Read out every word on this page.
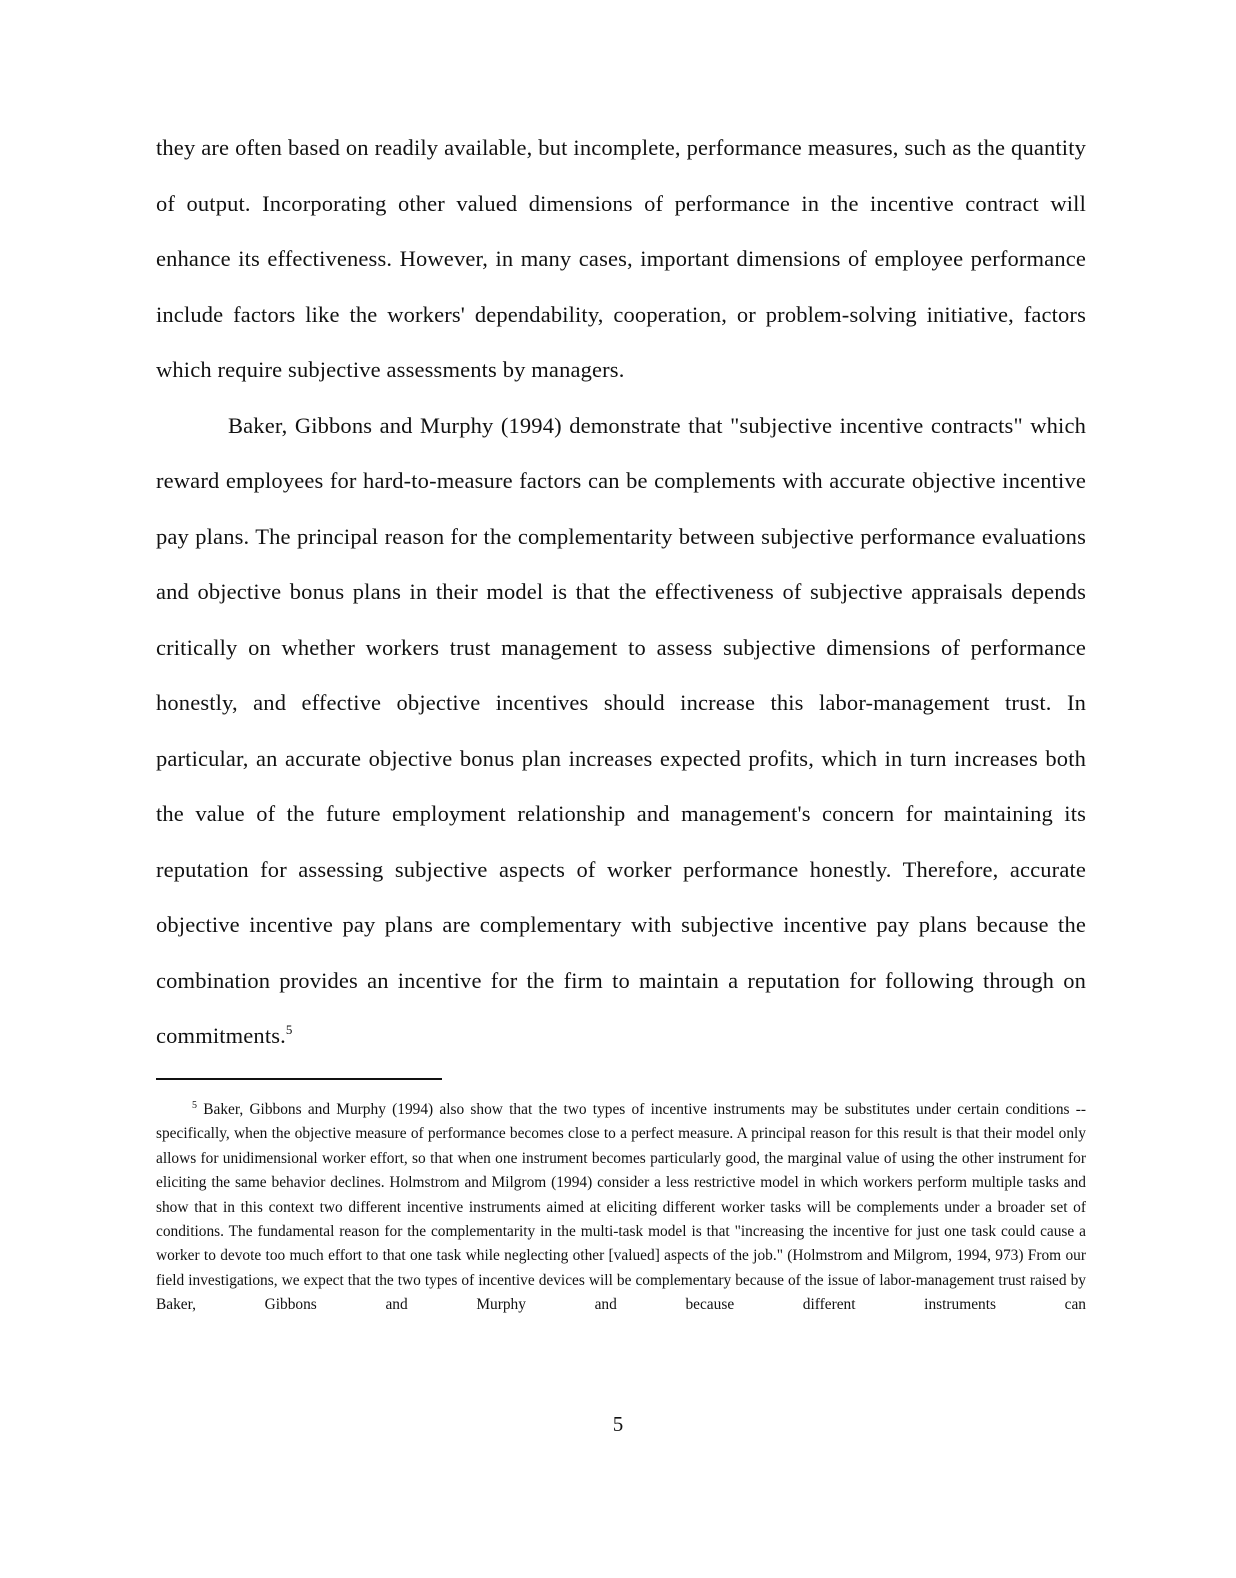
they are often based on readily available, but incomplete, performance measures, such as the quantity of output. Incorporating other valued dimensions of performance in the incentive contract will enhance its effectiveness. However, in many cases, important dimensions of employee performance include factors like the workers' dependability, cooperation, or problem-solving initiative, factors which require subjective assessments by managers.

Baker, Gibbons and Murphy (1994) demonstrate that "subjective incentive contracts" which reward employees for hard-to-measure factors can be complements with accurate objective incentive pay plans. The principal reason for the complementarity between subjective performance evaluations and objective bonus plans in their model is that the effectiveness of subjective appraisals depends critically on whether workers trust management to assess subjective dimensions of performance honestly, and effective objective incentives should increase this labor-management trust. In particular, an accurate objective bonus plan increases expected profits, which in turn increases both the value of the future employment relationship and management's concern for maintaining its reputation for assessing subjective aspects of worker performance honestly. Therefore, accurate objective incentive pay plans are complementary with subjective incentive pay plans because the combination provides an incentive for the firm to maintain a reputation for following through on commitments.$^5$

$^5$ Baker, Gibbons and Murphy (1994) also show that the two types of incentive instruments may be substitutes under certain conditions -- specifically, when the objective measure of performance becomes close to a perfect measure. A principal reason for this result is that their model only allows for unidimensional worker effort, so that when one instrument becomes particularly good, the marginal value of using the other instrument for eliciting the same behavior declines. Holmstrom and Milgrom (1994) consider a less restrictive model in which workers perform multiple tasks and show that in this context two different incentive instruments aimed at eliciting different worker tasks will be complements under a broader set of conditions. The fundamental reason for the complementarity in the multi-task model is that "increasing the incentive for just one task could cause a worker to devote too much effort to that one task while neglecting other [valued] aspects of the job." (Holmstrom and Milgrom, 1994, 973) From our field investigations, we expect that the two types of incentive devices will be complementary because of the issue of labor-management trust raised by Baker, Gibbons and Murphy and because different instruments can

5
